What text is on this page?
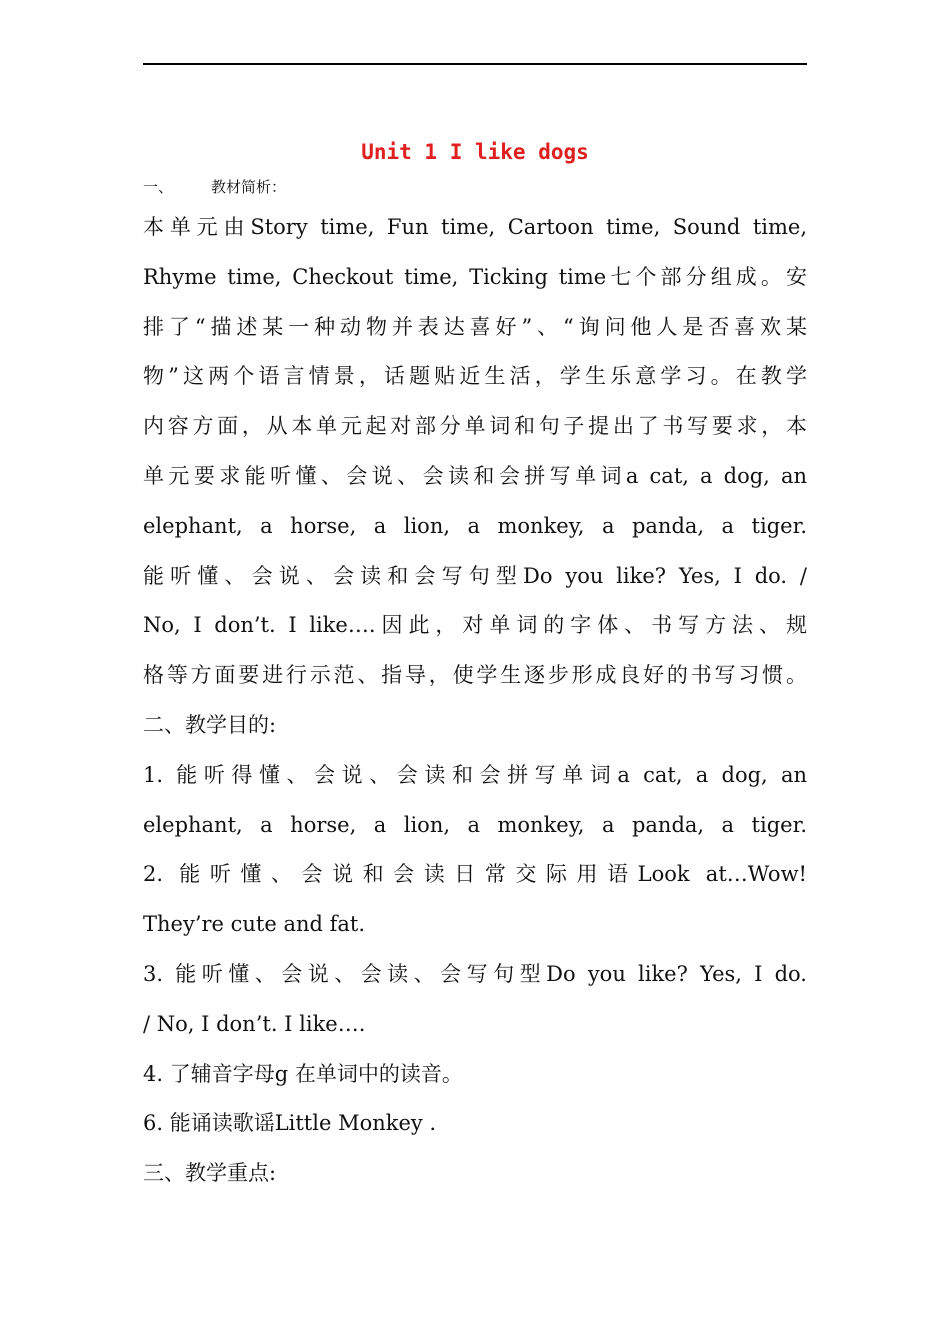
Unit 1 I like dogs
一、	教材简析：
本单元由Story time, Fun time, Cartoon time, Sound time,
Rhyme time, Checkout time, Ticking time七个部分组成。安
排了“描述某一种动物并表达喜好”、“询问他人是否喜欢某
物”这两个语言情景，话题贴近生活，学生乐意学习。在教学
内容方面，从本单元起对部分单词和句子提出了书写要求，本
单元要求能听懂、会说、会读和会拼写单词a cat, a dog, an
elephant, a horse, a lion, a monkey, a panda, a tiger.
能听懂、会说、会读和会写句型Do you like? Yes, I do. /
No, I don’t. I like….因此，对单词的字体、书写方法、规
格等方面要进行示范、指导，使学生逐步形成良好的书写习惯。
二、教学目的:
1. 能听得懂、会说、会读和会拼写单词a cat, a dog, an
elephant, a horse, a lion, a monkey, a panda, a tiger.
2. 能听懂、会说和会读日常交际用语Look at…Wow!
They’re cute and fat.
3. 能听懂、会说、会读、会写句型Do you like? Yes, I do.
/ No, I don’t. I like….
4. 了辅音字母g 在单词中的读音。
6. 能诵读歌谣Little Monkey .
三、教学重点:
